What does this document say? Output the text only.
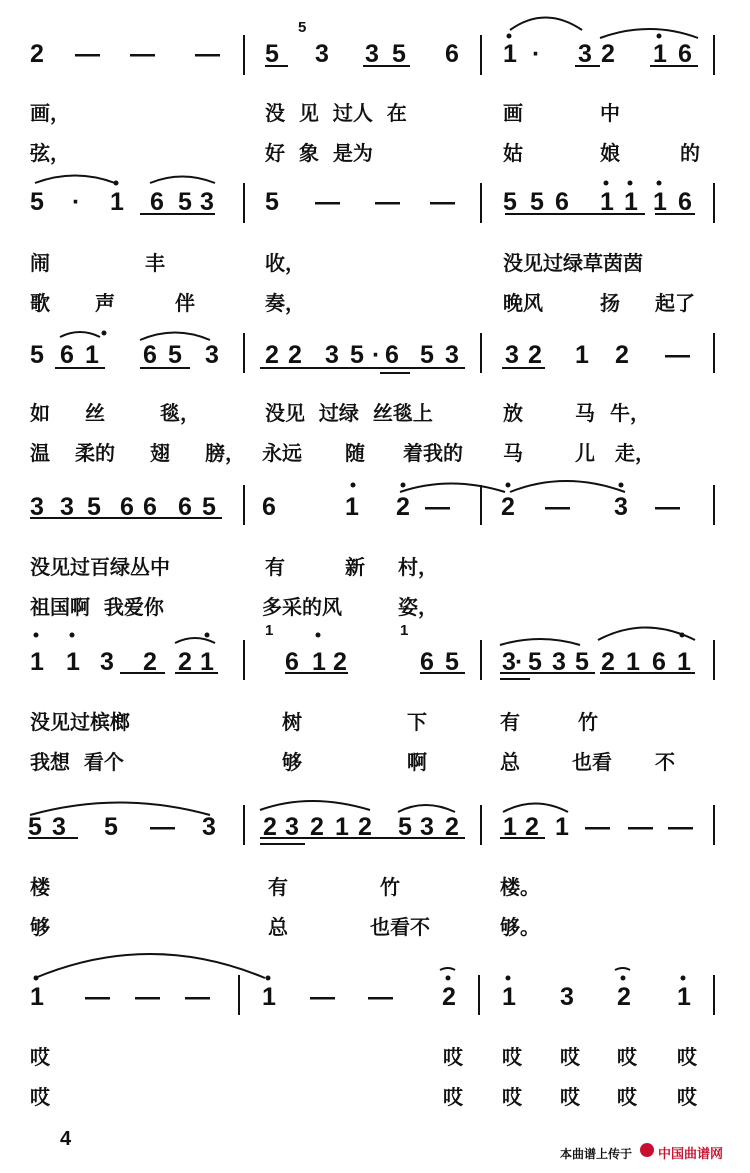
2 — — — 5
5
3 3 5 6 1 · 3 2 1 6
画，	没  见  过人  在	画	中
弦，	好  象  是为	姑	娘	的
5 · 1 6 5 3 5 — — — 5 5 6 1 1 1 6
闹	丰	收，	没见过绿草茵茵
歌 声	伴	奏，	晚风	扬 起了
5 6 1 6 5 3 2 2 3 5 · 6 5 3 3 2 1 2 —
如 丝	毯，	没见  过绿  丝毯上	放	马 牛，
温 柔的 翅 膀， 永远 随 着我的 马	儿 走，
3 3 5 6 6 6 5 6	1 2 — 2 — 3 —
没见过百绿丛中	有	新 村，
祖国啊  我爱你	多采的风	姿，
1 1 3 2 2 1
1
6 1 2
1
6 5 3 · 5 3 5 2 1 6 1
没见过槟榔	树	下	有	竹
我想  看个	够	啊	总	也看 不
5 3 5 — 3 2 3 2 1 2 5 3 2 1 2 1 — — —
楼	有	竹	楼。
够	总	也看不	够。
1 — — — 1 — — 2 1 3 2 1
哎	哎 哎 哎 哎 哎
哎	哎 哎 哎 哎 哎
4
本曲谱上传于 中国曲谱网
